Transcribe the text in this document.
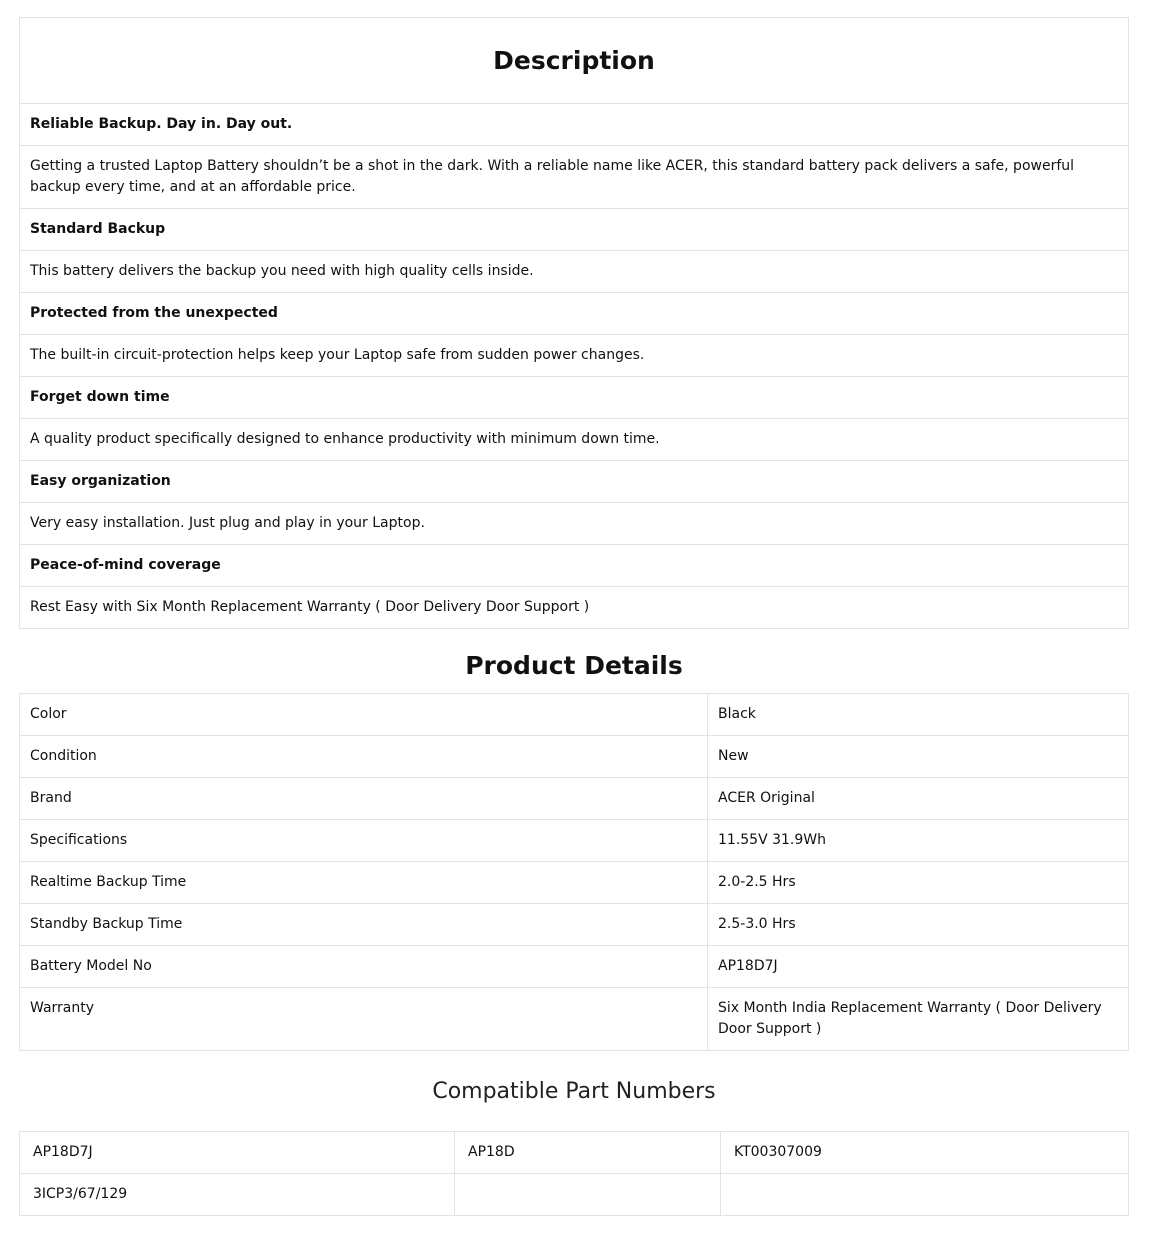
Description

Reliable Backup. Day in. Day out.
Getting a trusted Laptop Battery shouldn’t be a shot in the dark. With a reliable name like ACER, this standard battery pack delivers a safe, powerful backup every time, and at an affordable price.
Standard Backup
This battery delivers the backup you need with high quality cells inside.
Protected from the unexpected
The built-in circuit-protection helps keep your Laptop safe from sudden power changes.
Forget down time
A quality product specifically designed to enhance productivity with minimum down time.
Easy organization
Very easy installation. Just plug and play in your Laptop.
Peace-of-mind coverage
Rest Easy with Six Month Replacement Warranty ( Door Delivery Door Support )
Product Details
Color	Black
Condition	New
Brand	ACER Original
Specifications	11.55V 31.9Wh
Realtime Backup Time	2.0-2.5 Hrs
Standby Backup Time	2.5-3.0 Hrs
Battery Model No	AP18D7J
Warranty	Six Month India Replacement Warranty ( Door Delivery Door Support )
Compatible Part Numbers
AP18D7J	AP18D	KT00307009
3ICP3/67/129		
